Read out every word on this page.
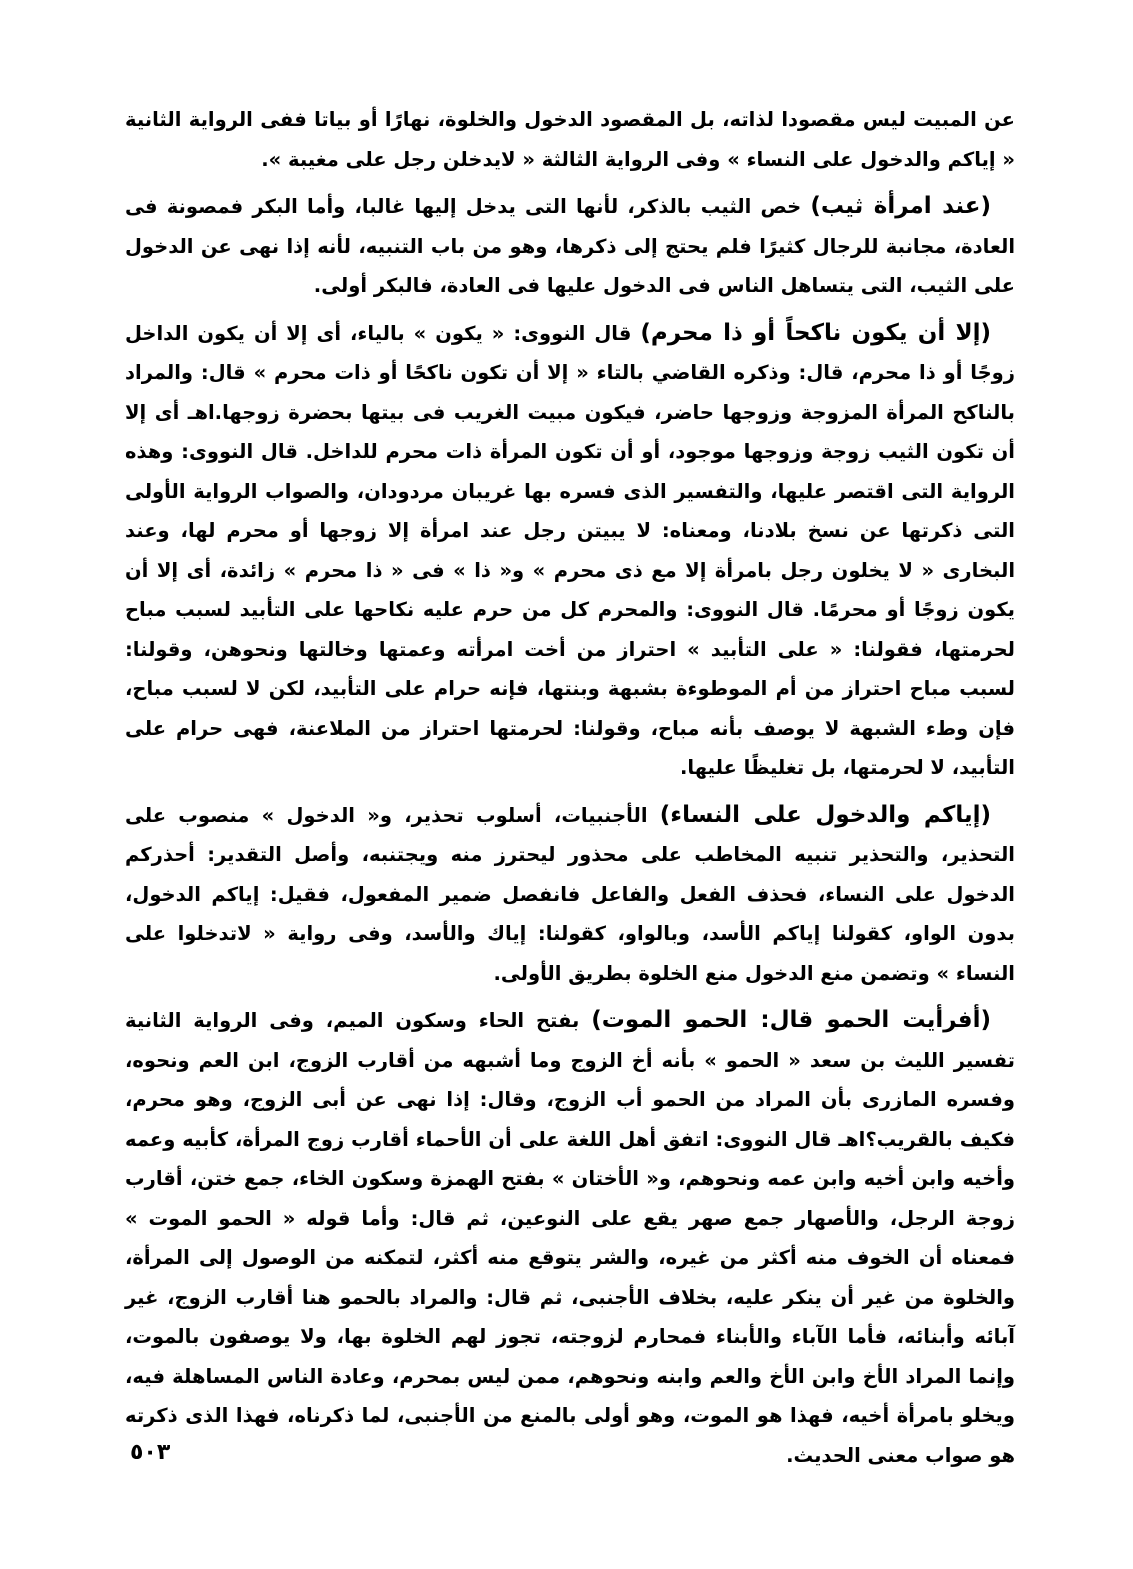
عن المبيت ليس مقصودا لذاته، بل المقصود الدخول والخلوة، نهارًا أو بياتا ففى الرواية الثانية « إياكم والدخول على النساء » وفى الرواية الثالثة « لايدخلن رجل على مغيبة ».

(عند امرأة ثيب) خص الثيب بالذكر، لأنها التى يدخل إليها غالبا، وأما البكر فمصونة فى العادة، مجانبة للرجال كثيرًا فلم يحتج إلى ذكرها، وهو من باب التنبيه، لأنه إذا نهى عن الدخول على الثيب، التى يتساهل الناس فى الدخول عليها فى العادة، فالبكر أولى.

(إلا أن يكون ناكحاً أو ذا محرم) قال النووى: « يكون » بالياء، أى إلا أن يكون الداخل زوجًا أو ذا محرم، قال: وذكره القاضي بالتاء « إلا أن تكون ناكحًا أو ذات محرم » قال: والمراد بالناكح المرأة المزوجة وزوجها حاضر، فيكون مبيت الغريب فى بيتها بحضرة زوجها.اهـ أى إلا أن تكون الثيب زوجة وزوجها موجود، أو أن تكون المرأة ذات محرم للداخل. قال النووى: وهذه الرواية التى اقتصر عليها، والتفسير الذى فسره بها غريبان مردودان، والصواب الرواية الأولى التى ذكرتها عن نسخ بلادنا، ومعناه: لا يبيتن رجل عند امرأة إلا زوجها أو محرم لها، وعند البخارى « لا يخلون رجل بامرأة إلا مع ذى محرم » و« ذا » فى « ذا محرم » زائدة، أى إلا أن يكون زوجًا أو محرمًا. قال النووى: والمحرم كل من حرم عليه نكاحها على التأبيد لسبب مباح لحرمتها، فقولنا: « على التأبيد » احتراز من أخت امرأته وعمتها وخالتها ونحوهن، وقولنا: لسبب مباح احتراز من أم الموطوءة بشبهة وبنتها، فإنه حرام على التأبيد، لكن لا لسبب مباح، فإن وطء الشبهة لا يوصف بأنه مباح، وقولنا: لحرمتها احتراز من الملاعنة، فهى حرام على التأبيد، لا لحرمتها، بل تغليظًا عليها.

(إياكم والدخول على النساء) الأجنبيات، أسلوب تحذير، و« الدخول » منصوب على التحذير، والتحذير تنبيه المخاطب على محذور ليحترز منه ويجتنبه، وأصل التقدير: أحذركم الدخول على النساء، فحذف الفعل والفاعل فانفصل ضمير المفعول، فقيل: إياكم الدخول، بدون الواو، كقولنا إياكم الأسد، وبالواو، كقولنا: إياك والأسد، وفى رواية « لاتدخلوا على النساء » وتضمن منع الدخول منع الخلوة بطريق الأولى.

(أفرأيت الحمو قال: الحمو الموت) بفتح الحاء وسكون الميم، وفى الرواية الثانية تفسير الليث بن سعد « الحمو » بأنه أخ الزوج وما أشبهه من أقارب الزوج، ابن العم ونحوه، وفسره المازرى بأن المراد من الحمو أب الزوج، وقال: إذا نهى عن أبى الزوج، وهو محرم، فكيف بالقريب؟اهـ قال النووى: اتفق أهل اللغة على أن الأحماء أقارب زوج المرأة، كأبيه وعمه وأخيه وابن أخيه وابن عمه ونحوهم، و« الأختان » بفتح الهمزة وسكون الخاء، جمع ختن، أقارب زوجة الرجل، والأصهار جمع صهر يقع على النوعين، ثم قال: وأما قوله « الحمو الموت » فمعناه أن الخوف منه أكثر من غيره، والشر يتوقع منه أكثر، لتمكنه من الوصول إلى المرأة، والخلوة من غير أن ينكر عليه، بخلاف الأجنبى، ثم قال: والمراد بالحمو هنا أقارب الزوج، غير آبائه وأبنائه، فأما الآباء والأبناء فمحارم لزوجته، تجوز لهم الخلوة بها، ولا يوصفون بالموت، وإنما المراد الأخ وابن الأخ والعم وابنه ونحوهم، ممن ليس بمحرم، وعادة الناس المساهلة فيه، ويخلو بامرأة أخيه، فهذا هو الموت، وهو أولى بالمنع من الأجنبى، لما ذكرناه، فهذا الذى ذكرته هو صواب معنى الحديث.

٥٠٣
